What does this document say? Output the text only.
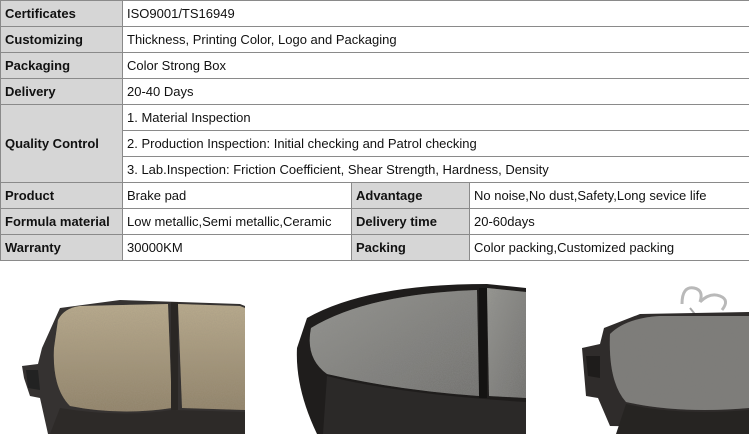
Certificates	ISO9001/TS16949		
Customizing	Thickness, Printing Color, Logo and Packaging		
Packaging	Color Strong Box		
Delivery	20-40 Days		
Quality Control	1. Material Inspection		
	2. Production Inspection: Initial checking and Patrol checking		
	3. Lab.Inspection: Friction Coefficient, Shear Strength, Hardness, Density		
Product	Brake pad	Advantage	No noise,No dust,Safety,Long sevice life
Formula material	Low metallic,Semi metallic,Ceramic	Delivery time	20-60days
Warranty	30000KM	Packing	Color packing,Customized packing
